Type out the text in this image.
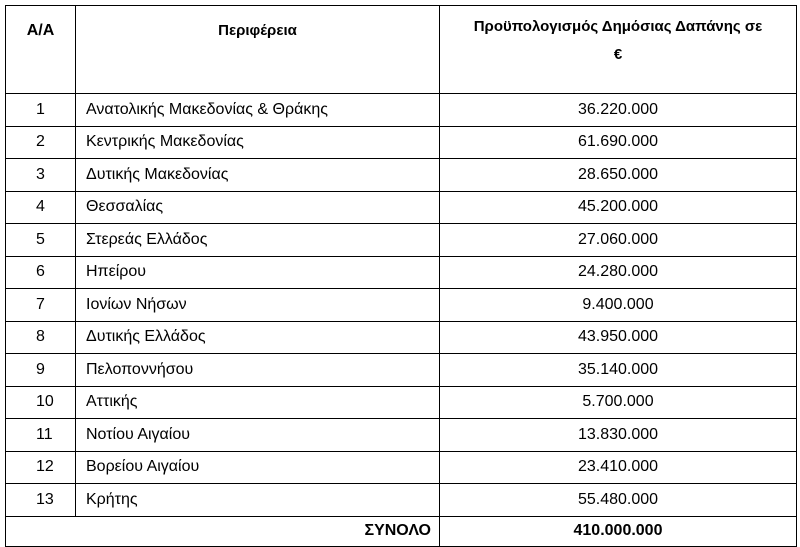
Α/Α	Περιφέρεια	Προϋπολογισμός Δημόσιας Δαπάνης σε
€

1	Ανατολικής Μακεδονίας & Θράκης	36.220.000
2	Κεντρικής Μακεδονίας	61.690.000
3	Δυτικής Μακεδονίας	28.650.000
4	Θεσσαλίας	45.200.000
5	Στερεάς Ελλάδος	27.060.000
6	Ηπείρου	24.280.000
7	Ιονίων Νήσων	9.400.000
8	Δυτικής Ελλάδος	43.950.000
9	Πελοποννήσου	35.140.000
10	Αττικής	5.700.000
11	Νοτίου Αιγαίου	13.830.000
12	Βορείου Αιγαίου	23.410.000
13	Κρήτης	55.480.000
ΣΥΝΟΛΟ		410.000.000
